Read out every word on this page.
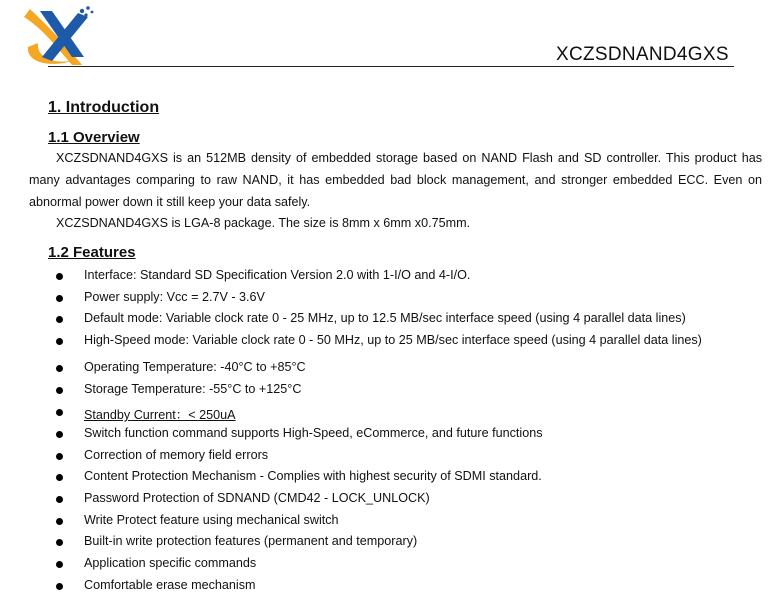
XCZSDNAND4GXS
1. Introduction
1.1 Overview
XCZSDNAND4GXS is an 512MB density of embedded storage based on NAND Flash and SD controller. This product has many advantages comparing to raw NAND, it has embedded bad block management, and stronger embedded ECC. Even on abnormal power down it still keep your data safely.
XCZSDNAND4GXS is LGA-8 package. The size is 8mm x 6mm x0.75mm.
1.2 Features
Interface: Standard SD Specification Version 2.0 with 1-I/O and 4-I/O.
Power supply: Vcc = 2.7V - 3.6V
Default mode: Variable clock rate 0 - 25 MHz, up to 12.5 MB/sec interface speed (using 4 parallel data lines)
High-Speed mode: Variable clock rate 0 - 50 MHz, up to 25 MB/sec interface speed (using 4 parallel data lines)
Operating Temperature: -40°C to +85°C
Storage Temperature: -55°C to +125°C
Standby Current：< 250uA
Switch function command supports High-Speed, eCommerce, and future functions
Correction of memory field errors
Content Protection Mechanism - Complies with highest security of SDMI standard.
Password Protection of SDNAND (CMD42 - LOCK_UNLOCK)
Write Protect feature using mechanical switch
Built-in write protection features (permanent and temporary)
Application specific commands
Comfortable erase mechanism
